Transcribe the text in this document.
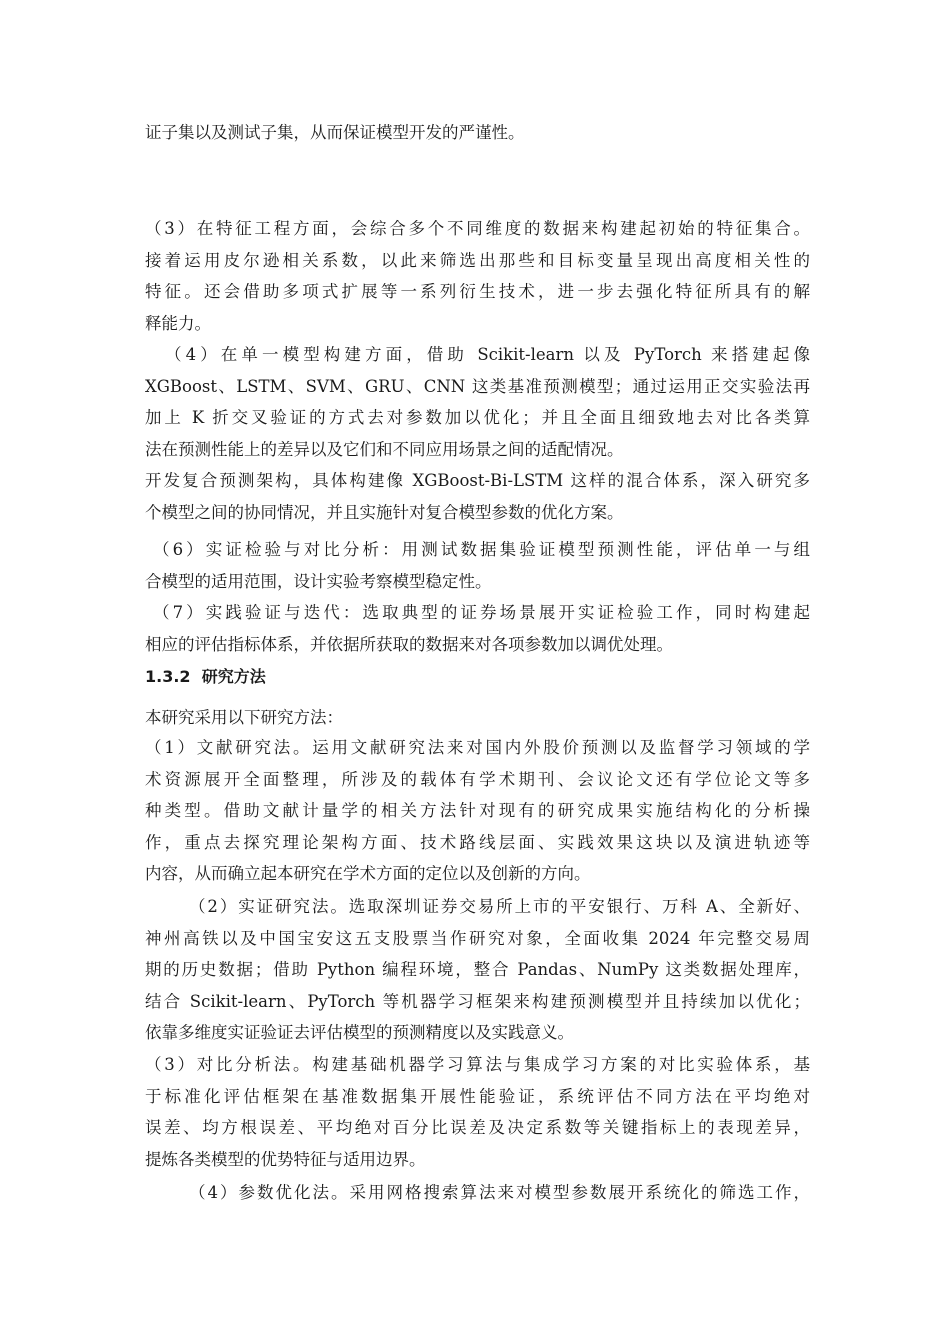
证子集以及测试子集，从而保证模型开发的严谨性。
（3）在特征工程方面，会综合多个不同维度的数据来构建起初始的特征集合。
接着运用皮尔逊相关系数，以此来筛选出那些和目标变量呈现出高度相关性的
特征。还会借助多项式扩展等一系列衍生技术，进一步去强化特征所具有的解
释能力。
（4）在单一模型构建方面，借助 Scikit-learn 以及 PyTorch 来搭建起像
XGBoost、LSTM、SVM、GRU、CNN 这类基准预测模型；通过运用正交实验法再
加上 K 折交叉验证的方式去对参数加以优化；并且全面且细致地去对比各类算
法在预测性能上的差异以及它们和不同应用场景之间的适配情况。
开发复合预测架构，具体构建像 XGBoost-Bi-LSTM 这样的混合体系，深入研究多
个模型之间的协同情况，并且实施针对复合模型参数的优化方案。
（6）实证检验与对比分析：用测试数据集验证模型预测性能，评估单一与组
合模型的适用范围，设计实验考察模型稳定性。
（7）实践验证与迭代：选取典型的证券场景展开实证检验工作，同时构建起
相应的评估指标体系，并依据所获取的数据来对各项参数加以调优处理。
1.3.2 研究方法
本研究采用以下研究方法：
（1）文献研究法。运用文献研究法来对国内外股价预测以及监督学习领域的学
术资源展开全面整理，所涉及的载体有学术期刊、会议论文还有学位论文等多
种类型。借助文献计量学的相关方法针对现有的研究成果实施结构化的分析操
作，重点去探究理论架构方面、技术路线层面、实践效果这块以及演进轨迹等
内容，从而确立起本研究在学术方面的定位以及创新的方向。
（2）实证研究法。选取深圳证券交易所上市的平安银行、万科 A、全新好、
神州高铁以及中国宝安这五支股票当作研究对象，全面收集 2024 年完整交易周
期的历史数据；借助 Python 编程环境，整合 Pandas、NumPy 这类数据处理库，
结合 Scikit-learn、PyTorch 等机器学习框架来构建预测模型并且持续加以优化；
依靠多维度实证验证去评估模型的预测精度以及实践意义。
（3）对比分析法。构建基础机器学习算法与集成学习方案的对比实验体系，基
于标准化评估框架在基准数据集开展性能验证，系统评估不同方法在平均绝对
误差、均方根误差、平均绝对百分比误差及决定系数等关键指标上的表现差异，
提炼各类模型的优势特征与适用边界。
（4）参数优化法。采用网格搜索算法来对模型参数展开系统化的筛选工作，
